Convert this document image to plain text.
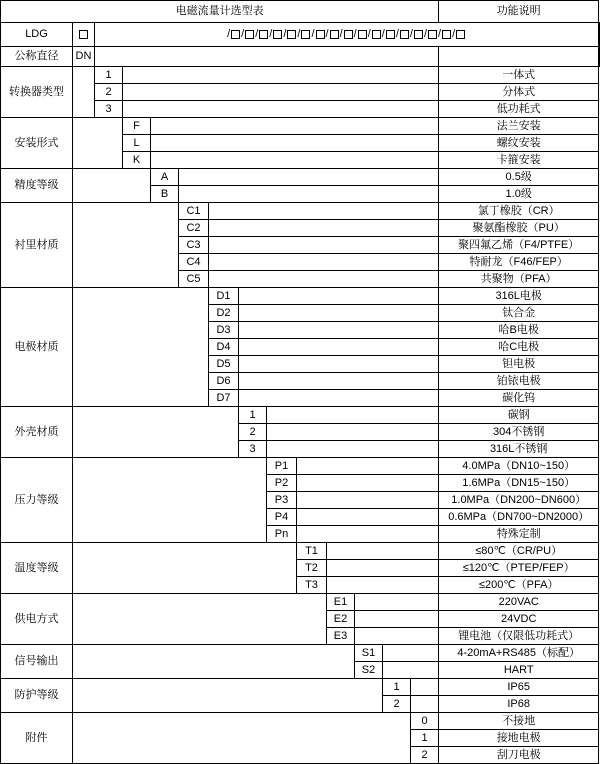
电磁流量计选型表														功能说明	
LDG		/ / / / / / / / / / / / / / / / /													
公称直径	DN			
转换器类型		1												一体式	
		2												分体式	
		3												低功耗式	
安装形式			F											法兰安装	
			L											螺纹安装	
			K											卡箍安装	
精度等级				A										0.5级	
				B										1.0级	
衬里材质					C1									氯丁橡胶（CR）	
					C2									聚氨酯橡胶（PU）	
					C3									聚四氟乙烯（F4/PTFE）	
					C4									特耐龙（F46/FEP）	
					C5									共聚物（PFA）	
电极材质						D1								316L电极	
						D2								钛合金	
						D3								哈B电极	
						D4								哈C电极	
						D5								钽电极	
						D6								铂铱电极	
						D7								碳化钨	
外壳材质							1							碳钢	
							2							304不锈钢	
							3							316L不锈钢	
压力等级								P1						4.0MPa（DN10~150）	
								P2						1.6MPa（DN15~150）	
								P3						1.0MPa（DN200~DN600）	
								P4						0.6MPa（DN700~DN2000）	
								Pn						特殊定制	
温度等级									T1					≤80℃（CR/PU）	
									T2					≤120℃（PTEP/FEP）	
									T3					≤200℃（PFA）	
供电方式										E1				220VAC	
										E2				24VDC	
										E3				锂电池（仅限低功耗式）	
信号输出											S1			4-20mA+RS485（标配）	
											S2			HART	
防护等级												1		IP65	
												2		IP68	
附件													0	不接地	
													1	接地电极	
													2	刮刀电极	
